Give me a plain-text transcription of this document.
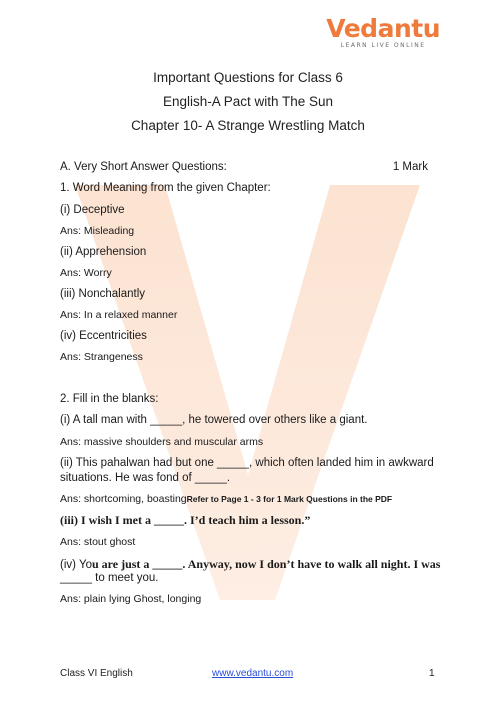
Vedantu
LEARN LIVE ONLINE
Important Questions for Class 6
English-A Pact with The Sun
Chapter 10- A Strange Wrestling Match
A. Very Short Answer Questions:	1 Mark
1. Word Meaning from the given Chapter:
(i) Deceptive
Ans: Misleading
(ii) Apprehension
Ans: Worry
(iii) Nonchalantly
Ans: In a relaxed manner
(iv) Eccentricities
Ans: Strangeness
2. Fill in the blanks:
(i) A tall man with _____, he towered over others like a giant.
Ans: massive shoulders and muscular arms
(ii) This pahalwan had but one _____, which often landed him in awkward
situations. He was fond of _____.
Ans: shortcoming, boastingRefer to Page 1 - 3 for 1 Mark Questions in the PDF
(iii) I wish I met a _____. I’d teach him a lesson.”
Ans: stout ghost
(iv) You are just a _____. Anyway, now I don’t have to walk all night. I was
_____ to meet you.
Ans: plain lying Ghost, longing
Class VI English	www.vedantu.com	1
